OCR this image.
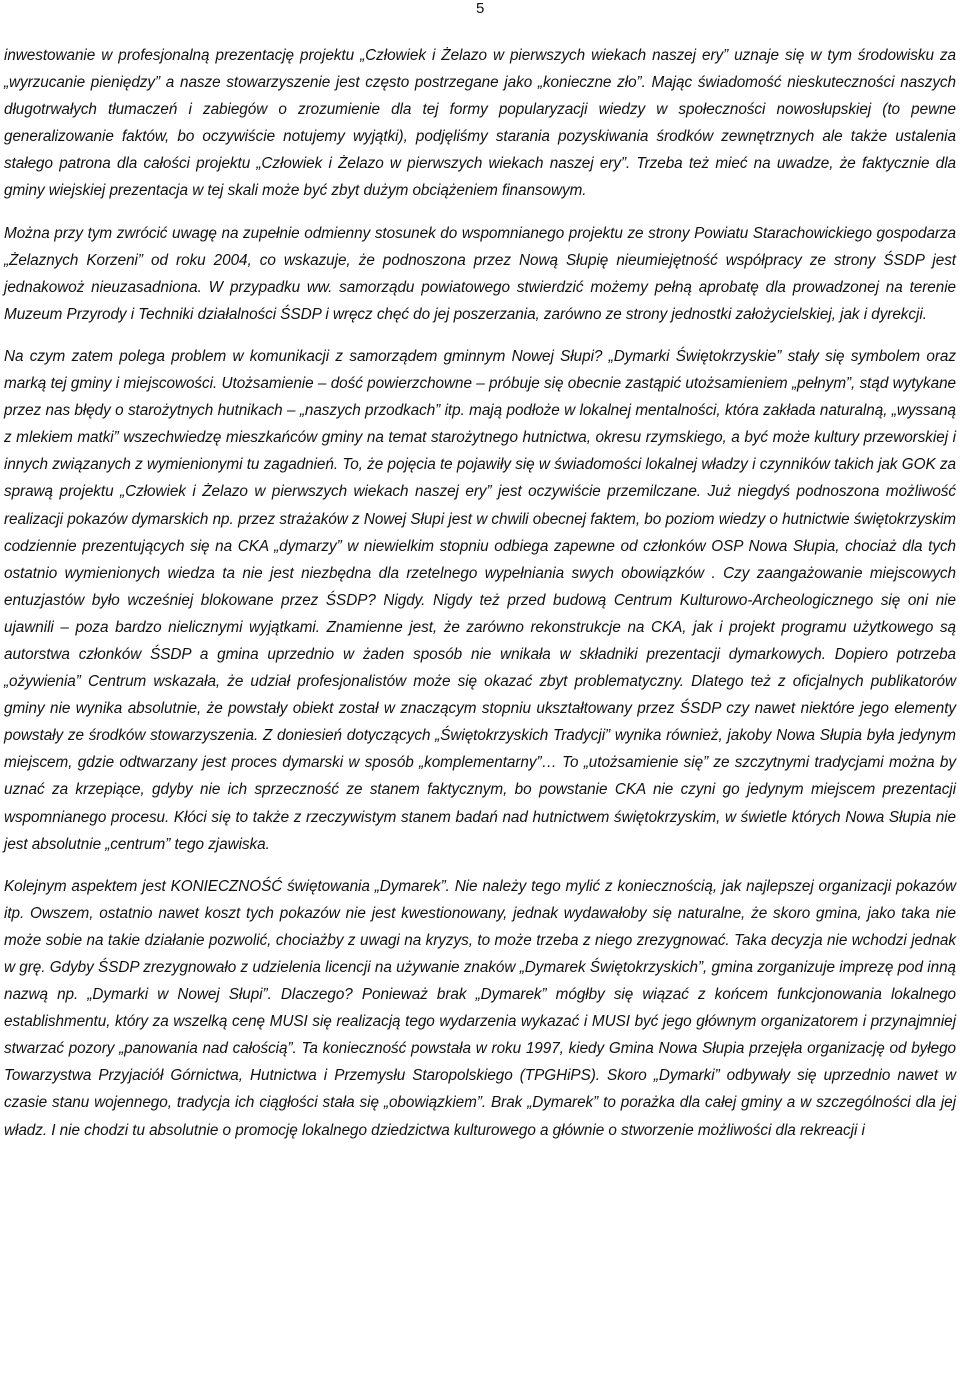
5

inwestowanie w profesjonalną prezentację projektu „Człowiek i Żelazo w pierwszych wiekach naszej ery” uznaje się w tym środowisku za „wyrzucanie pieniędzy” a nasze stowarzyszenie jest często postrzegane jako „konieczne zło”. Mając świadomość nieskuteczności naszych długotrwałych tłumaczeń i zabiegów o zrozumienie dla tej formy popularyzacji wiedzy w społeczności nowosłupskiej (to pewne generalizowanie faktów, bo oczywiście notujemy wyjątki), podjęliśmy starania pozyskiwania środków zewnętrznych ale także ustalenia stałego patrona dla całości projektu „Człowiek i Żelazo w pierwszych wiekach naszej ery”. Trzeba też mieć na uwadze, że faktycznie dla gminy wiejskiej prezentacja w tej skali może być zbyt dużym obciążeniem finansowym.

Można przy tym zwrócić uwagę na zupełnie odmienny stosunek do wspomnianego projektu ze strony Powiatu Starachowickiego gospodarza „Żelaznych Korzeni” od roku 2004, co wskazuje, że podnoszona przez Nową Słupię nieumiejętność współpracy ze strony ŚSDP jest jednakowoż nieuzasadniona. W przypadku ww. samorządu powiatowego stwierdzić możemy pełną aprobatę dla prowadzonej na terenie Muzeum Przyrody i Techniki działalności ŚSDP i wręcz chęć do jej poszerzania, zarówno ze strony jednostki założycielskiej, jak i dyrekcji.

Na czym zatem polega problem w komunikacji z samorządem gminnym Nowej Słupi? „Dymarki Świętokrzyskie” stały się symbolem oraz marką tej gminy i miejscowości. Utożsamienie – dość powierzchowne – próbuje się obecnie zastąpić utożsamieniem „pełnym”, stąd wytykane przez nas błędy o starożytnych hutnikach – „naszych przodkach” itp. mają podłoże w lokalnej mentalności, która zakłada naturalną, „wyssaną z mlekiem matki” wszechwiedzę mieszkańców gminy na temat starożytnego hutnictwa, okresu rzymskiego, a być może kultury przeworskiej i innych związanych z wymienionymi tu zagadnień. To, że pojęcia te pojawiły się w świadomości lokalnej władzy i czynników takich jak GOK za sprawą projektu „Człowiek i Żelazo w pierwszych wiekach naszej ery” jest oczywiście przemilczane. Już niegdyś podnoszona możliwość realizacji pokazów dymarskich np. przez strażaków z Nowej Słupi jest w chwili obecnej faktem, bo poziom wiedzy o hutnictwie świętokrzyskim codziennie prezentujących się na CKA „dymarzy” w niewielkim stopniu odbiega zapewne od członków OSP Nowa Słupia, chociaż dla tych ostatnio wymienionych wiedza ta nie jest niezbędna dla rzetelnego wypełniania swych obowiązków . Czy zaangażowanie miejscowych entuzjastów było wcześniej blokowane przez ŚSDP? Nigdy. Nigdy też przed budową Centrum Kulturowo-Archeologicznego się oni nie ujawnili – poza bardzo nielicznymi wyjątkami. Znamienne jest, że zarówno rekonstrukcje na CKA, jak i projekt programu użytkowego są autorstwa członków ŚSDP a gmina uprzednio w żaden sposób nie wnikała w składniki prezentacji dymarkowych. Dopiero potrzeba „ożywienia” Centrum wskazała, że udział profesjonalistów może się okazać zbyt problematyczny. Dlatego też z oficjalnych publikatorów gminy nie wynika absolutnie, że powstały obiekt został w znaczącym stopniu ukształtowany przez ŚSDP czy nawet niektóre jego elementy powstały ze środków stowarzyszenia. Z doniesień dotyczących „Świętokrzyskich Tradycji” wynika również, jakoby Nowa Słupia była jedynym miejscem, gdzie odtwarzany jest proces dymarski w sposób „komplementarny”… To „utożsamienie się” ze szczytnymi tradycjami można by uznać za krzepiące, gdyby nie ich sprzeczność ze stanem faktycznym, bo powstanie CKA nie czyni go jedynym miejscem prezentacji wspomnianego procesu. Kłóci się to także z rzeczywistym stanem badań nad hutnictwem świętokrzyskim, w świetle których Nowa Słupia nie jest absolutnie „centrum” tego zjawiska.

Kolejnym aspektem jest KONIECZNOŚĆ świętowania „Dymarek”. Nie należy tego mylić z koniecznością, jak najlepszej organizacji pokazów itp. Owszem, ostatnio nawet koszt tych pokazów nie jest kwestionowany, jednak wydawałoby się naturalne, że skoro gmina, jako taka nie może sobie na takie działanie pozwolić, chociażby z uwagi na kryzys, to może trzeba z niego zrezygnować. Taka decyzja nie wchodzi jednak w grę. Gdyby ŚSDP zrezygnowało z udzielenia licencji na używanie znaków „Dymarek Świętokrzyskich”, gmina zorganizuje imprezę pod inną nazwą np. „Dymarki w Nowej Słupi”. Dlaczego? Ponieważ brak „Dymarek” mógłby się wiązać z końcem funkcjonowania lokalnego establishmentu, który za wszelką cenę MUSI się realizacją tego wydarzenia wykazać i MUSI być jego głównym organizatorem i przynajmniej stwarzać pozory „panowania nad całością”. Ta konieczność powstała w roku 1997, kiedy Gmina Nowa Słupia przejęła organizację od byłego Towarzystwa Przyjaciół Górnictwa, Hutnictwa i Przemysłu Staropolskiego (TPGHiPS). Skoro „Dymarki” odbywały się uprzednio nawet w czasie stanu wojennego, tradycja ich ciągłości stała się „obowiązkiem”. Brak „Dymarek” to porażka dla całej gminy a w szczególności dla jej władz. I nie chodzi tu absolutnie o promocję lokalnego dziedzictwa kulturowego a głównie o stworzenie możliwości dla rekreacji i
